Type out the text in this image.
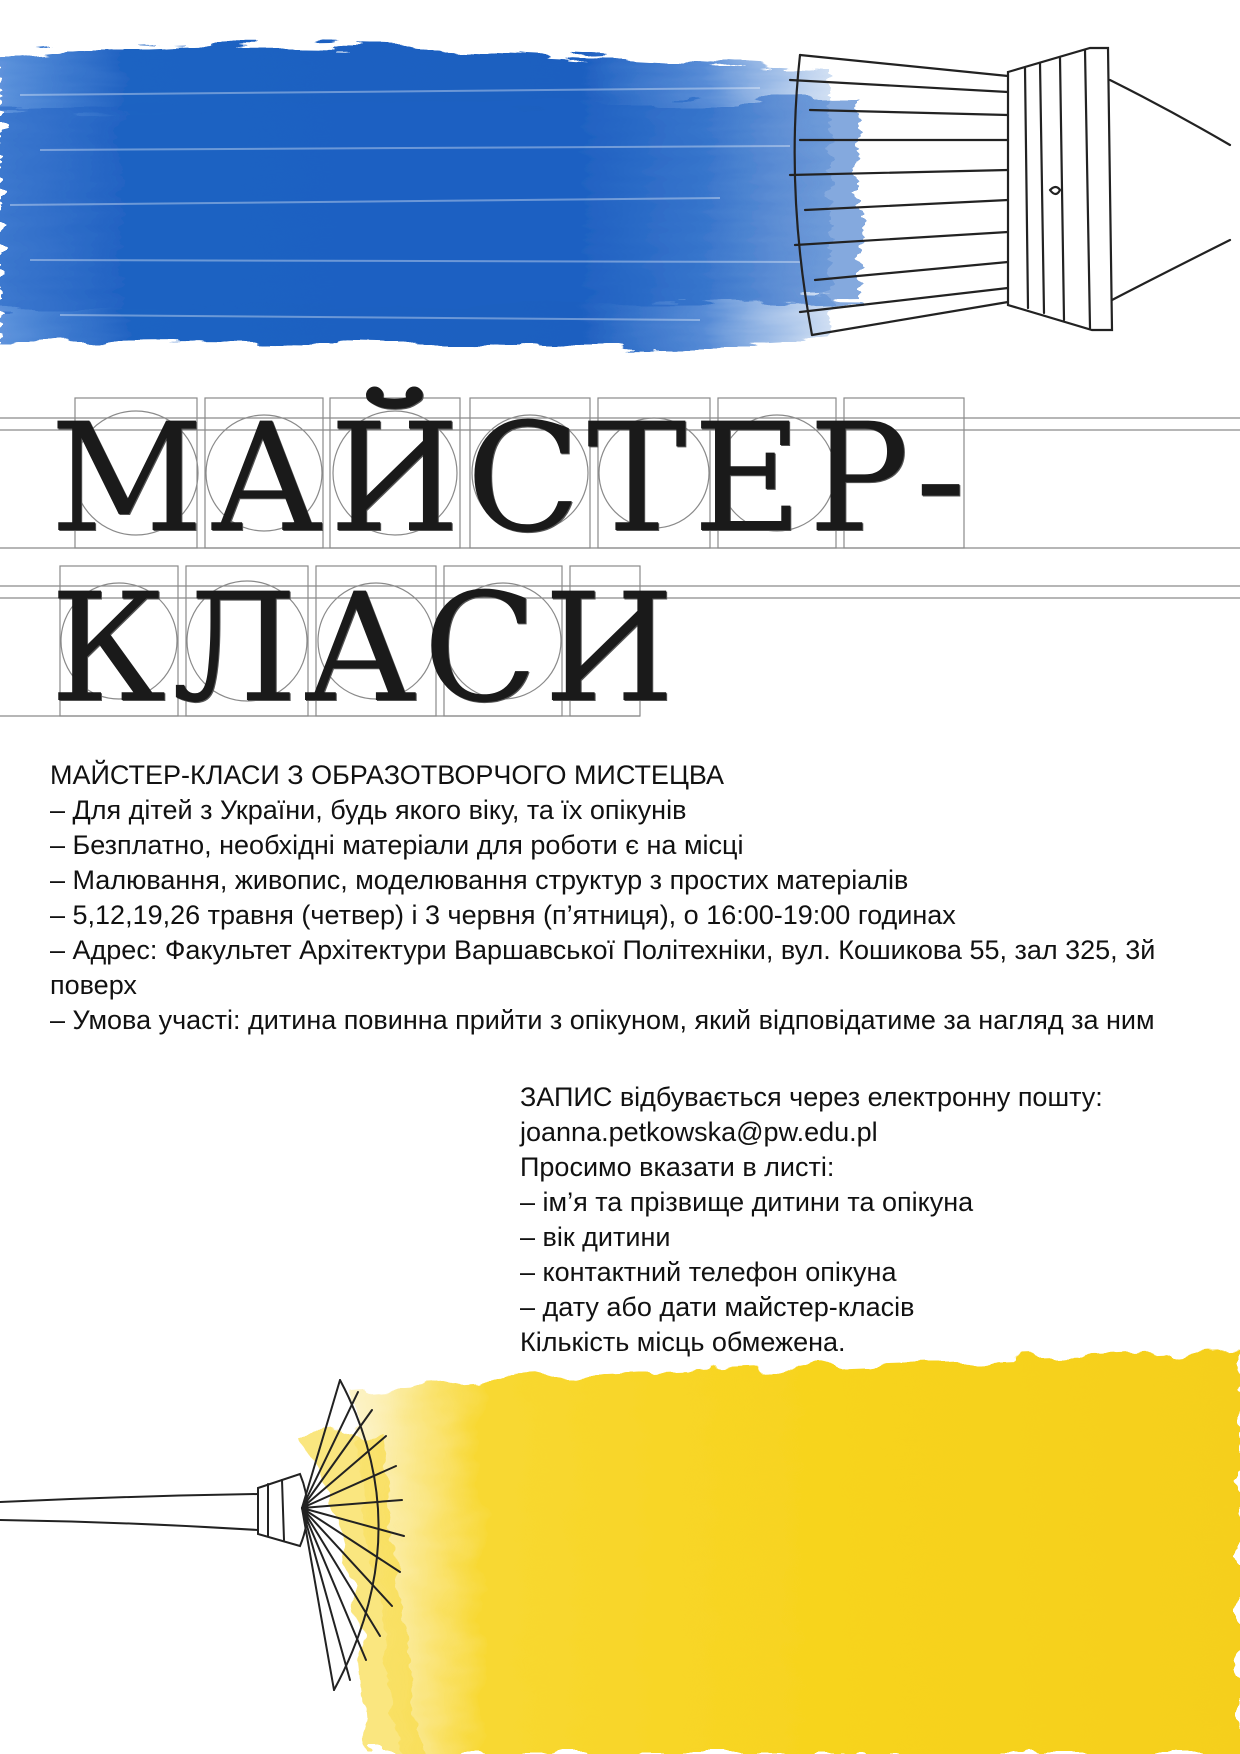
МАЙСТЕР-
КЛАСИ
МАЙСТЕР-КЛАСИ З ОБРАЗОТВОРЧОГО МИСТЕЦВА
– Для дітей з України, будь якого віку, та їх опікунів
– Безплатно, необхідні матеріали для роботи є на місці
– Малювання, живопис, моделювання структур з простих матеріалів
– 5,12,19,26 травня (четвер) і 3 червня (п’ятниця), о 16:00-19:00 годинах
– Адрес: Факультет Архітектури Варшавської Політехніки, вул. Кошикова 55, зал 325, 3й поверх
– Умова участі: дитина повинна прийти з опікуном, який відповідатиме за нагляд за ним
ЗАПИС відбувається через електронну пошту:
joanna.petkowska@pw.edu.pl
Просимо вказати в листі:
– ім’я та прізвище дитини та опікуна
– вік дитини
– контактний телефон опікуна
– дату або дати майстер-класів
Кількість місць обмежена.
